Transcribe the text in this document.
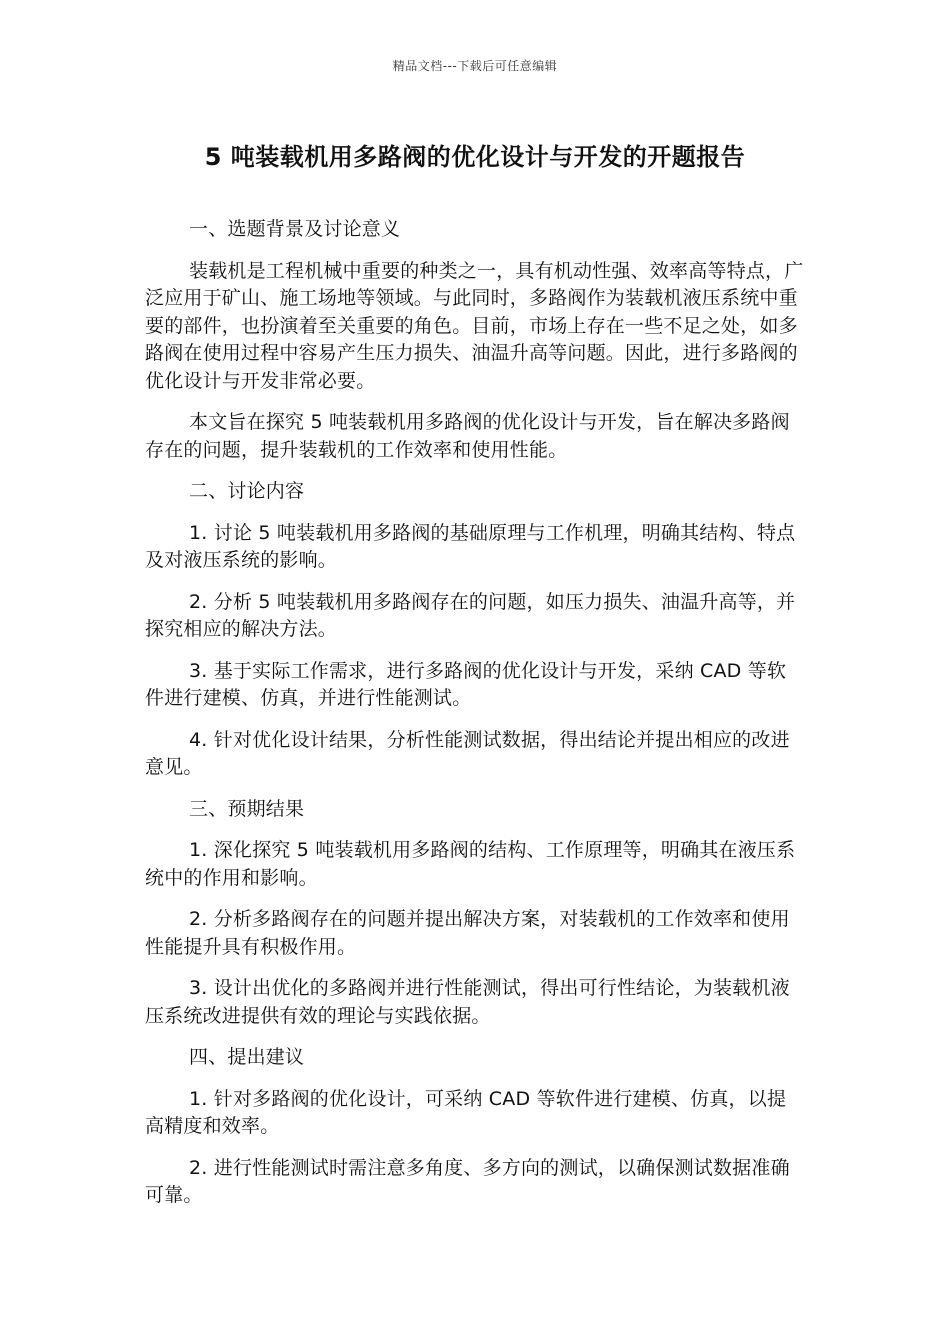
精品文档---下载后可任意编辑
5 吨装载机用多路阀的优化设计与开发的开题报告

一、选题背景及讨论意义

装载机是工程机械中重要的种类之一，具有机动性强、效率高等特点，广泛应用于矿山、施工场地等领域。与此同时，多路阀作为装载机液压系统中重要的部件，也扮演着至关重要的角色。目前，市场上存在一些不足之处，如多路阀在使用过程中容易产生压力损失、油温升高等问题。因此，进行多路阀的优化设计与开发非常必要。

本文旨在探究 5 吨装载机用多路阀的优化设计与开发，旨在解决多路阀存在的问题，提升装载机的工作效率和使用性能。

二、讨论内容

1. 讨论 5 吨装载机用多路阀的基础原理与工作机理，明确其结构、特点及对液压系统的影响。

2. 分析 5 吨装载机用多路阀存在的问题，如压力损失、油温升高等，并探究相应的解决方法。

3. 基于实际工作需求，进行多路阀的优化设计与开发，采纳 CAD 等软件进行建模、仿真，并进行性能测试。

4. 针对优化设计结果，分析性能测试数据，得出结论并提出相应的改进意见。

三、预期结果

1. 深化探究 5 吨装载机用多路阀的结构、工作原理等，明确其在液压系统中的作用和影响。

2. 分析多路阀存在的问题并提出解决方案，对装载机的工作效率和使用性能提升具有积极作用。

3. 设计出优化的多路阀并进行性能测试，得出可行性结论，为装载机液压系统改进提供有效的理论与实践依据。

四、提出建议

1. 针对多路阀的优化设计，可采纳 CAD 等软件进行建模、仿真，以提高精度和效率。

2. 进行性能测试时需注意多角度、多方向的测试，以确保测试数据准确可靠。
